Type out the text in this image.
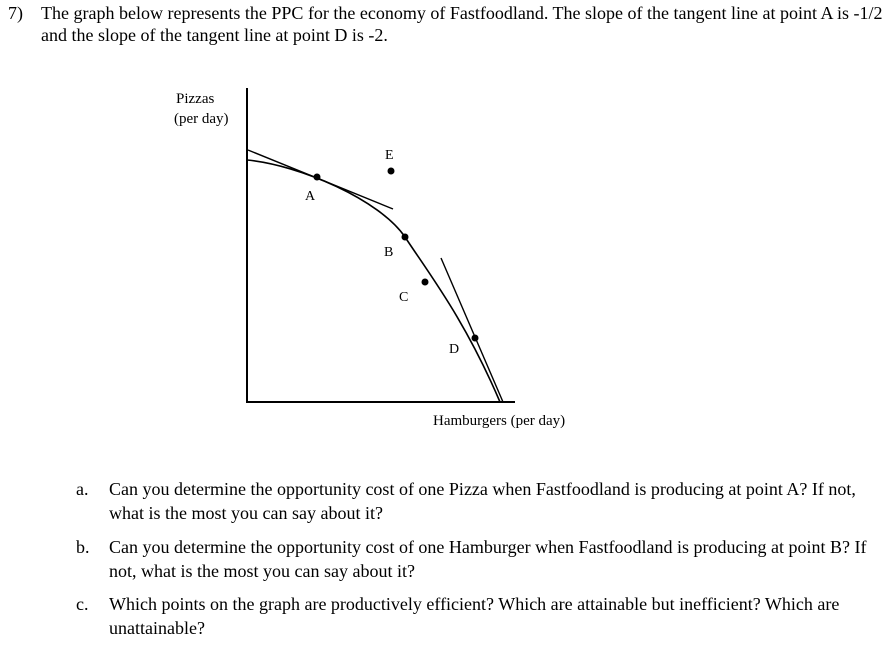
7) The graph below represents the PPC for the economy of Fastfoodland. The slope of the tangent line at point A is -1/2 and the slope of the tangent line at point D is -2.
Pizzas
(per day)
Hamburgers (per day)
A
B
C
D
E
a. Can you determine the opportunity cost of one Pizza when Fastfoodland is producing at point A? If not, what is the most you can say about it?
b. Can you determine the opportunity cost of one Hamburger when Fastfoodland is producing at point B? If not, what is the most you can say about it?
c. Which points on the graph are productively efficient? Which are attainable but inefficient? Which are unattainable?
